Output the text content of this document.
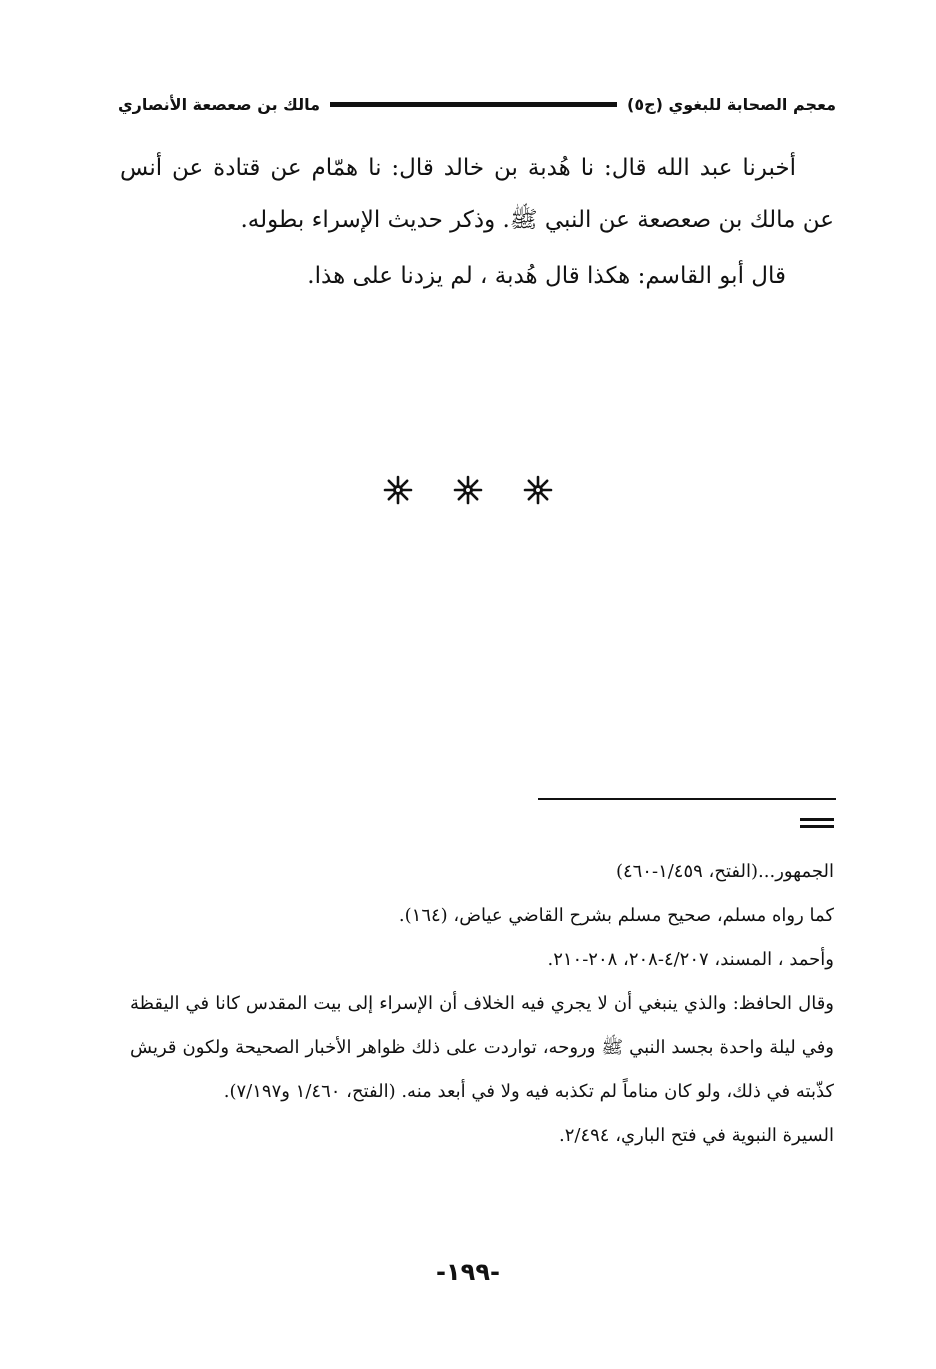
معجم الصحابة للبغوي (ج٥)
مالك بن صعصعة الأنصاري

أخبرنا عبد الله قال: نا هُدبة بن خالد قال: نا همّام عن قتادة عن أنس عن مالك بن صعصعة عن النبي ﷺ. وذكر حديث الإسراء بطوله.

قال أبو القاسم: هكذا قال هُدبة ، لم يزدنا على هذا.

الجمهور...(الفتح، ١/٤٥٩-٤٦٠)

كما رواه مسلم، صحيح مسلم بشرح القاضي عياض، (١٦٤).

وأحمد ، المسند، ٤/٢٠٧-٢٠٨، ٢٠٨-٢١٠.

وقال الحافظ: والذي ينبغي أن لا يجري فيه الخلاف أن الإسراء إلى بيت المقدس كانا في اليقظة وفي ليلة واحدة بجسد النبي ﷺ وروحه، تواردت على ذلك ظواهر الأخبار الصحيحة ولكون قريش كذّبته في ذلك، ولو كان مناماً لم تكذبه فيه ولا في أبعد منه. (الفتح، ١/٤٦٠ و٧/١٩٧).

السيرة النبوية في فتح الباري، ٢/٤٩٤.

-١٩٩-
